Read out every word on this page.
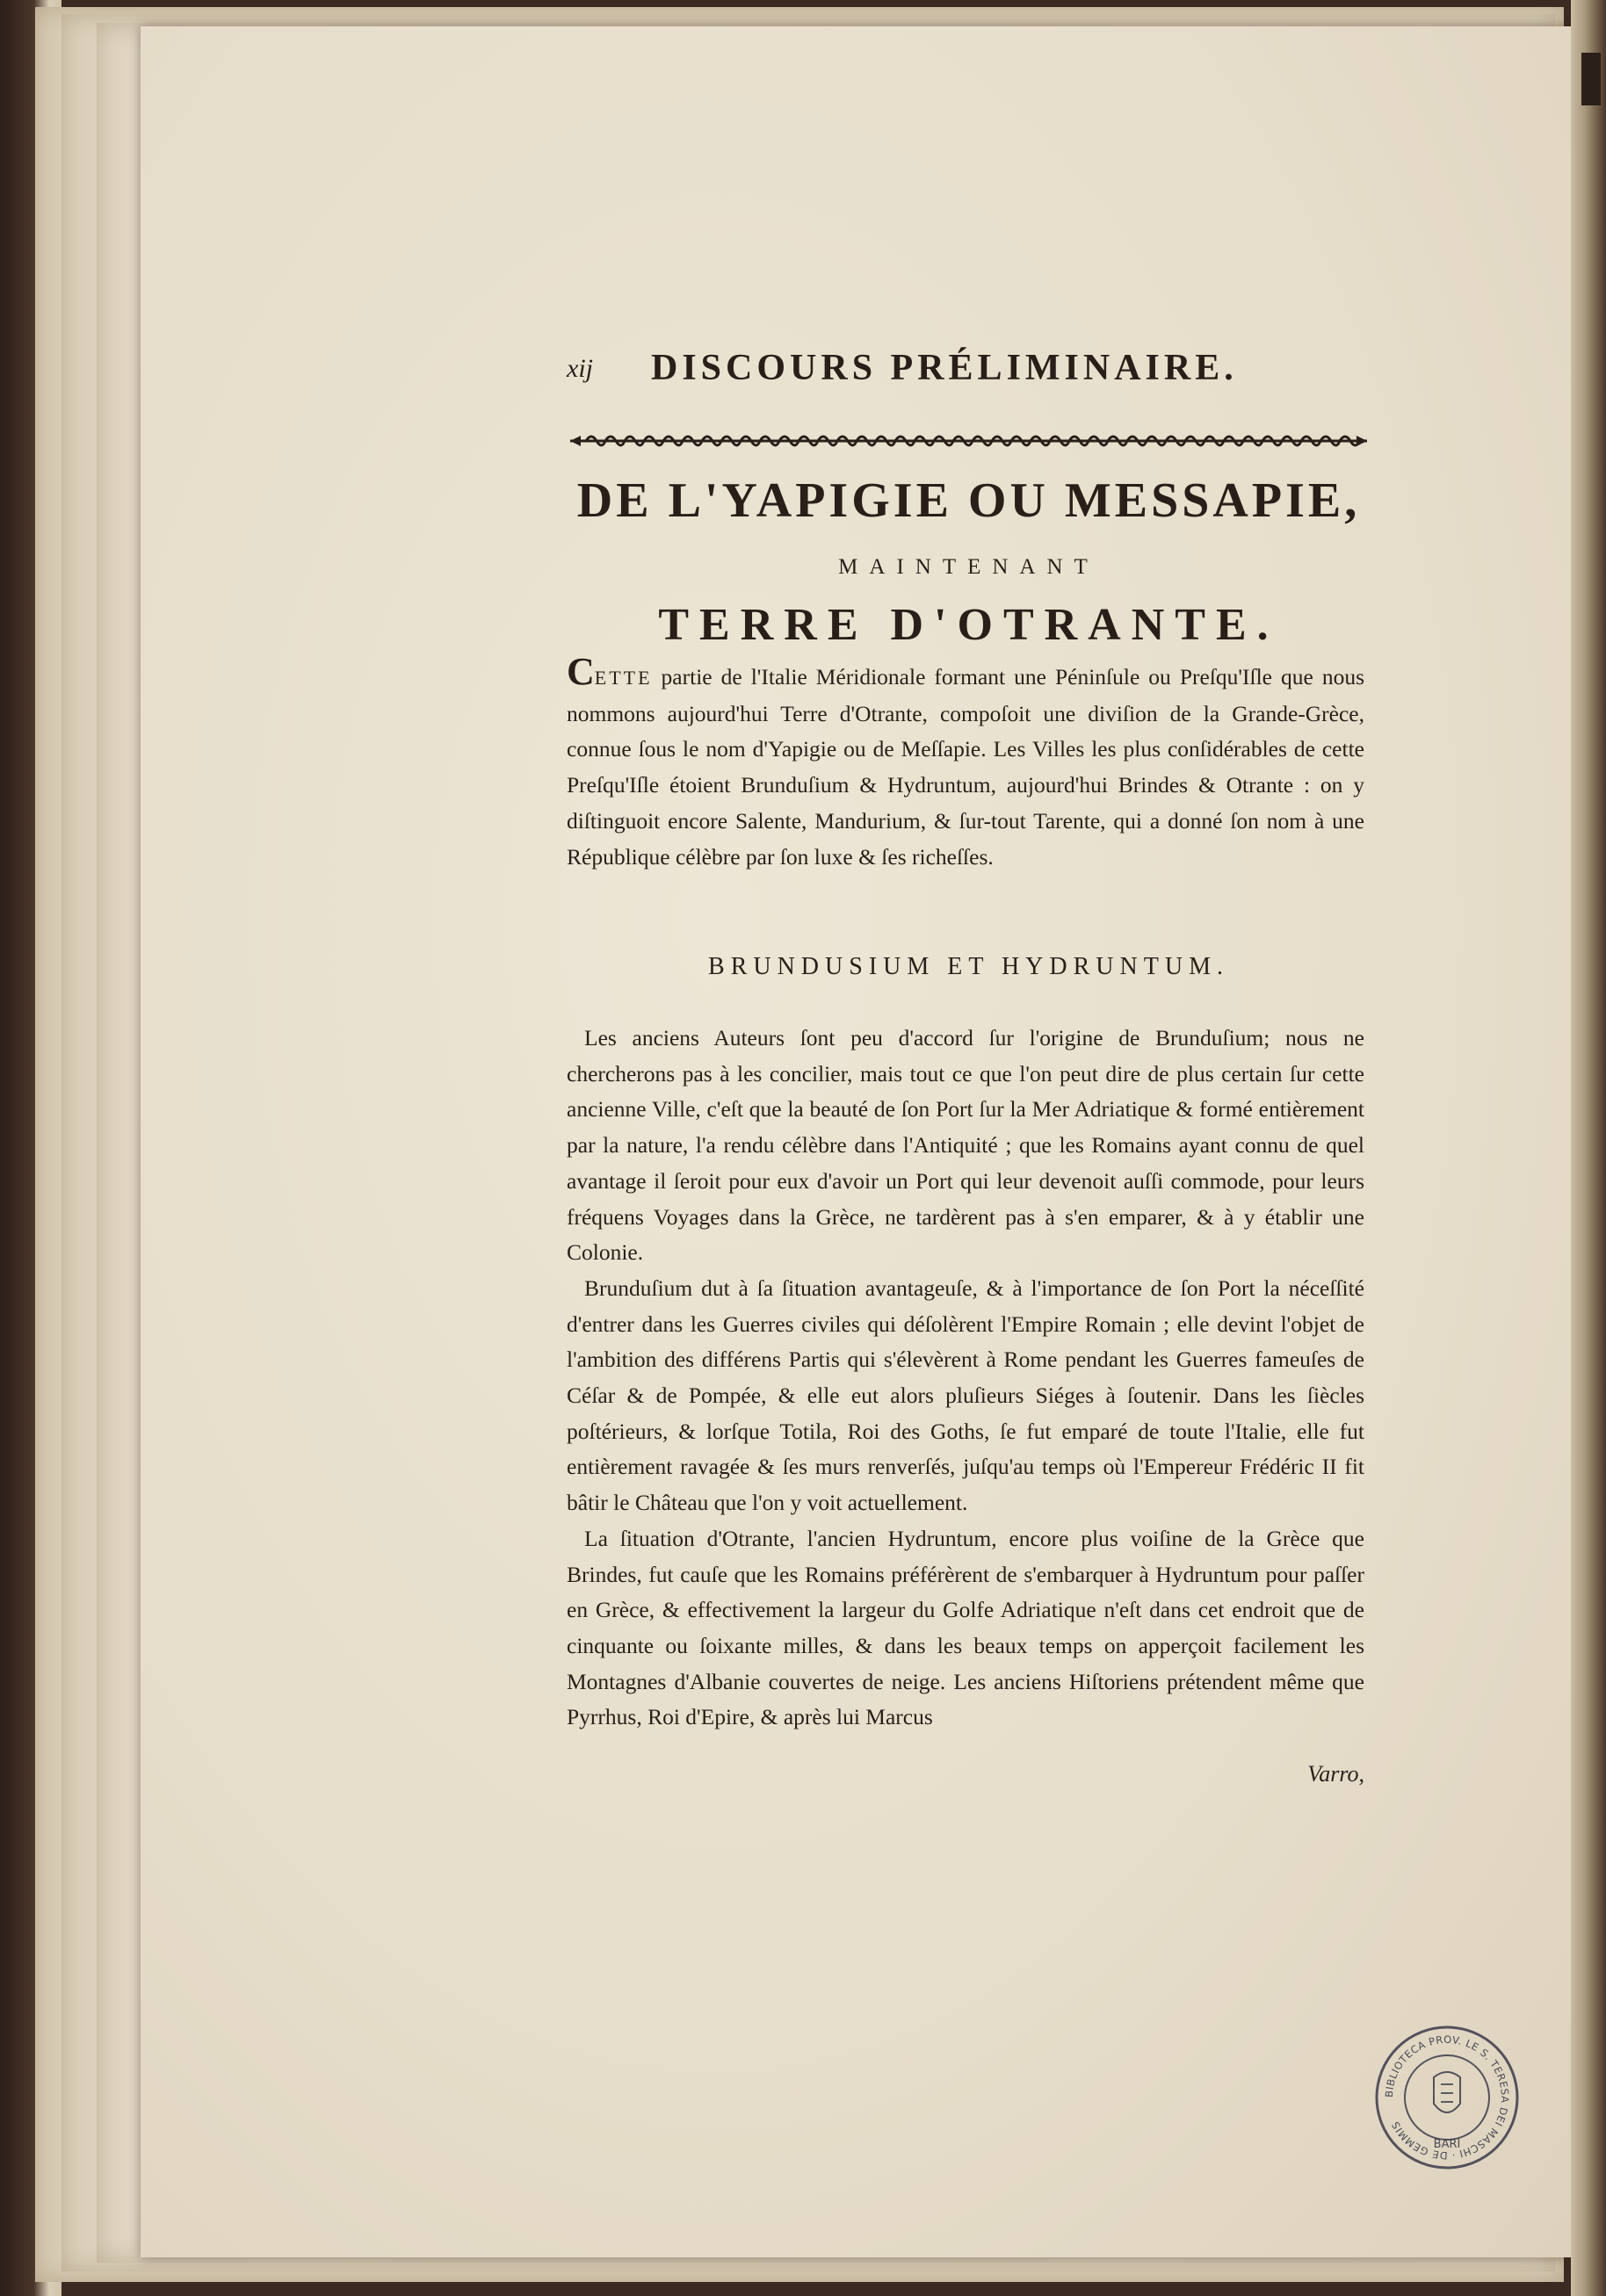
xij DISCOURS PRÉLIMINAIRE.
DE L'YAPIGIE OU MESSAPIE,
MAINTENANT
TERRE D'OTRANTE.

CETTE partie de l'Italie Méridionale formant une Péninſule ou Preſqu'Iſle que nous nommons aujourd'hui Terre d'Otrante, compoſoit une diviſion de la Grande-Grèce, connue ſous le nom d'Yapigie ou de Meſſapie. Les Villes les plus conſidérables de cette Preſqu'Iſle étoient Brunduſium & Hydruntum, aujourd'hui Brindes & Otrante : on y diſtinguoit encore Salente, Mandurium, & ſur-tout Tarente, qui a donné ſon nom à une République célèbre par ſon luxe & ſes richeſſes.

BRUNDUSIUM ET HYDRUNTUM.

Les anciens Auteurs ſont peu d'accord ſur l'origine de Brunduſium; nous ne chercherons pas à les concilier, mais tout ce que l'on peut dire de plus certain ſur cette ancienne Ville, c'eſt que la beauté de ſon Port ſur la Mer Adriatique & formé entièrement par la nature, l'a rendu célèbre dans l'Antiquité ; que les Romains ayant connu de quel avantage il ſeroit pour eux d'avoir un Port qui leur devenoit auſſi commode, pour leurs fréquens Voyages dans la Grèce, ne tardèrent pas à s'en emparer, & à y établir une Colonie.

Brunduſium dut à ſa ſituation avantageuſe, & à l'importance de ſon Port la néceſſité d'entrer dans les Guerres civiles qui déſolèrent l'Empire Romain ; elle devint l'objet de l'ambition des différens Partis qui s'élevèrent à Rome pendant les Guerres fameuſes de Céſar & de Pompée, & elle eut alors pluſieurs Siéges à ſoutenir. Dans les ſiècles poſtérieurs, & lorſque Totila, Roi des Goths, ſe fut emparé de toute l'Italie, elle fut entièrement ravagée & ſes murs renverſés, juſqu'au temps où l'Empereur Frédéric II fit bâtir le Château que l'on y voit actuellement.

La ſituation d'Otrante, l'ancien Hydruntum, encore plus voiſine de la Grèce que Brindes, fut cauſe que les Romains préférèrent de s'embarquer à Hydruntum pour paſſer en Grèce, & effectivement la largeur du Golfe Adriatique n'eſt dans cet endroit que de cinquante ou ſoixante milles, & dans les beaux temps on apperçoit facilement les Montagnes d'Albanie couvertes de neige. Les anciens Hiſtoriens prétendent même que Pyrrhus, Roi d'Epire, & après lui Marcus

Varro,
BIBLIOTECA PROV. LE S. TERESA DEI MASCHI · DE GEMMIS
BARI
